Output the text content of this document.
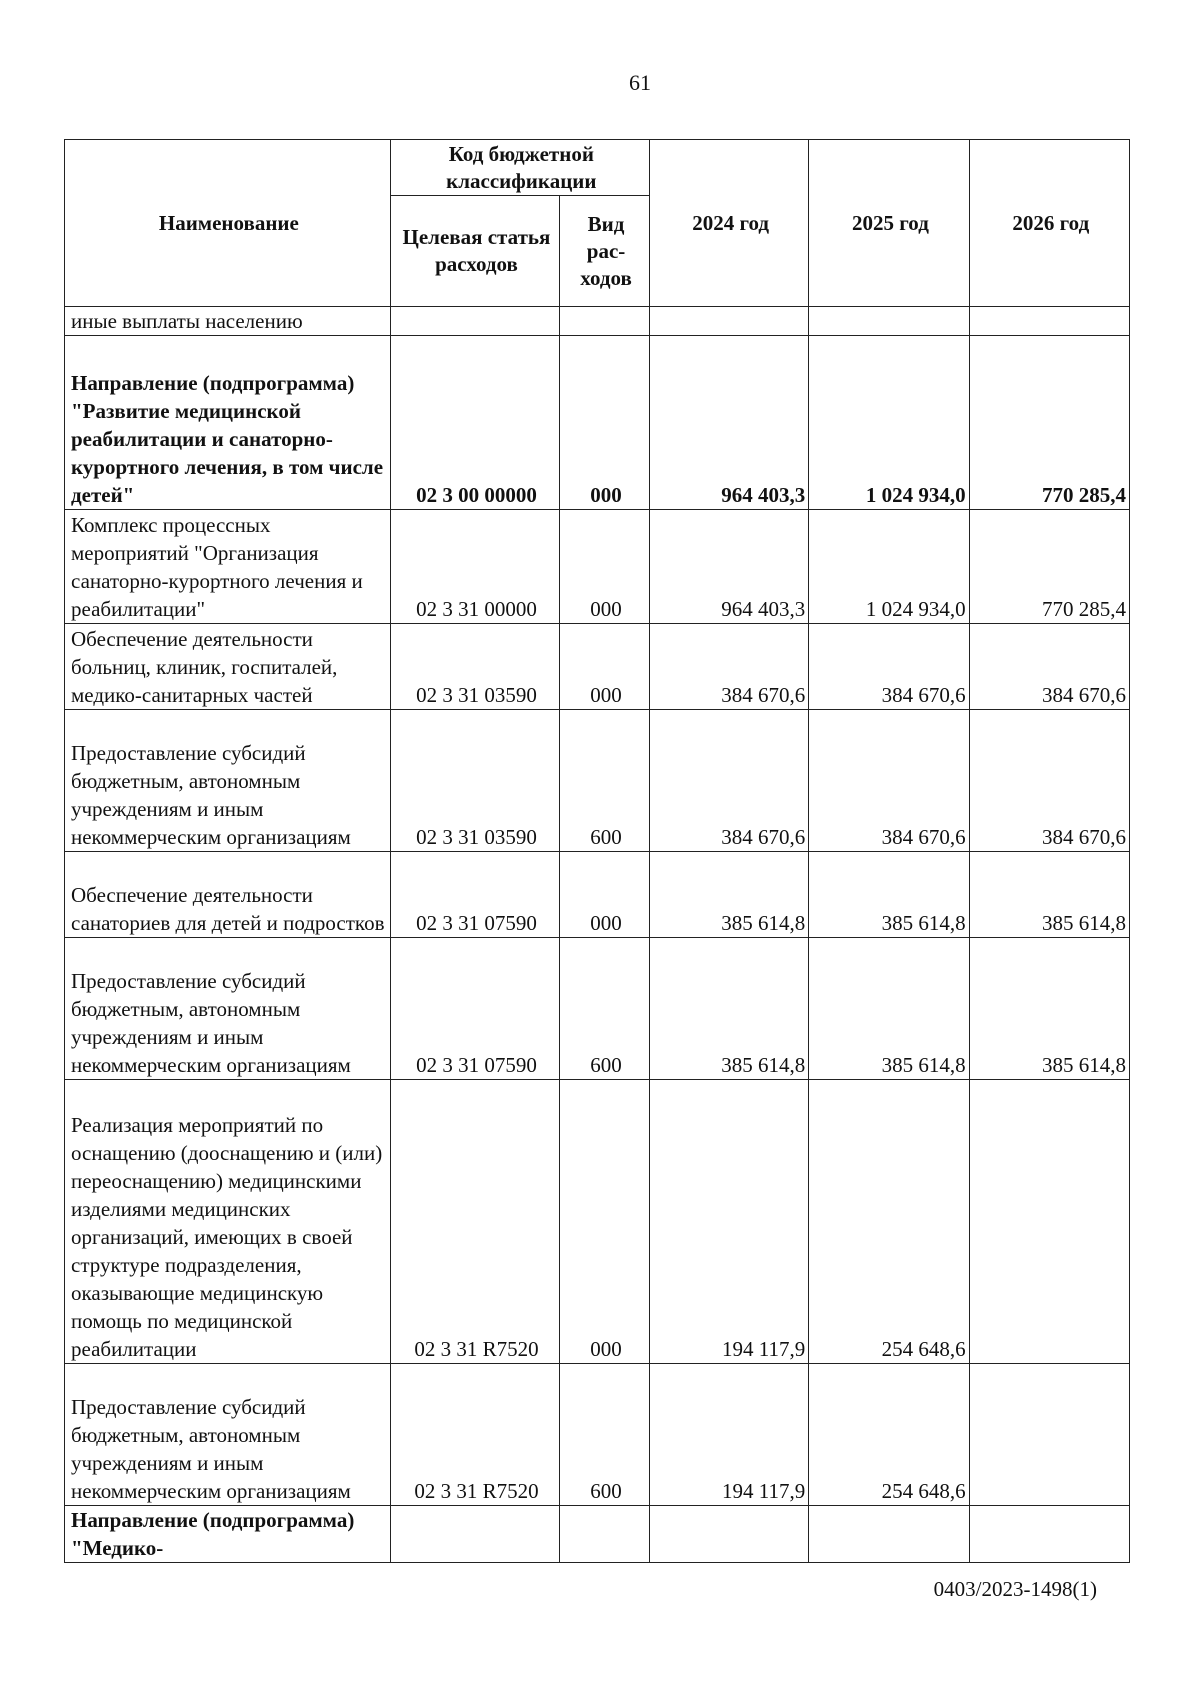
61
Наименование	Код бюджетной классификации		2024 год	2025 год	2026 год
	Целевая статья расходов	Вид рас-ходов			
иные выплаты населению					
Направление (подпрограмма) "Развитие медицинской реабилитации и санаторно-курортного лечения, в том числе детей"	02 3 00 00000	000	964 403,3	1 024 934,0	770 285,4
Комплекс процессных мероприятий "Организация санаторно-курортного лечения и реабилитации"	02 3 31 00000	000	964 403,3	1 024 934,0	770 285,4
Обеспечение деятельности больниц, клиник, госпиталей, медико-санитарных частей	02 3 31 03590	000	384 670,6	384 670,6	384 670,6
Предоставление субсидий бюджетным, автономным учреждениям и иным некоммерческим организациям	02 3 31 03590	600	384 670,6	384 670,6	384 670,6
Обеспечение деятельности санаториев для детей и подростков	02 3 31 07590	000	385 614,8	385 614,8	385 614,8
Предоставление субсидий бюджетным, автономным учреждениям и иным некоммерческим организациям	02 3 31 07590	600	385 614,8	385 614,8	385 614,8
Реализация мероприятий по оснащению (дооснащению и (или) переоснащению) медицинскими изделиями медицинских организаций, имеющих в своей структуре подразделения, оказывающие медицинскую помощь по медицинской реабилитации	02 3 31 R7520	000	194 117,9	254 648,6	
Предоставление субсидий бюджетным, автономным учреждениям и иным некоммерческим организациям	02 3 31 R7520	600	194 117,9	254 648,6	
Направление (подпрограмма) "Медико-					
0403/2023-1498(1)
